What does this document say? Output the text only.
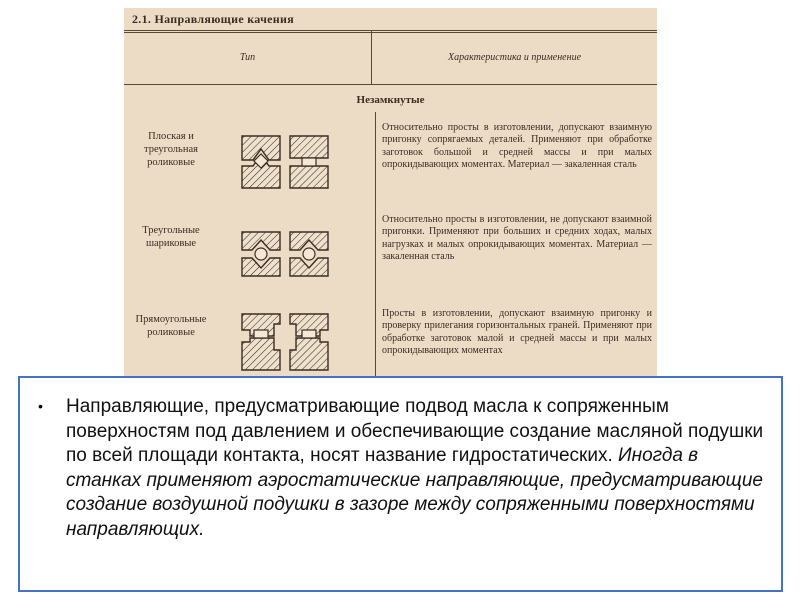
2.1. Направляющие качения
Тип	Характеристика и применение
Незамкнутые
Плоская и треугольная роликовые
Относительно просты в изготовлении, допускают взаимную пригонку сопрягаемых деталей. Применяют при обработке заготовок большой и средней массы и при малых опрокидывающих моментах. Материал — закаленная сталь
Треугольные шариковые
Относительно просты в изготовлении, не допускают взаимной пригонки. Применяют при больших и средних ходах, малых нагрузках и малых опрокидывающих моментах. Материал — закаленная сталь
Прямоугольные роликовые
Просты в изготовлении, допускают взаимную пригонку и проверку прилегания горизонтальных граней. Применяют при обработке заготовок малой и средней массы и при малых опрокидывающих моментах
• Направляющие, предусматривающие подвод масла к сопряженным поверхностям под давлением и обеспечивающие создание масляной подушки по всей площади контакта, носят название гидростатических. Иногда в станках применяют аэростатические направляющие, предусматривающие создание воздушной подушки в зазоре между сопряженными поверхностями направляющих.
